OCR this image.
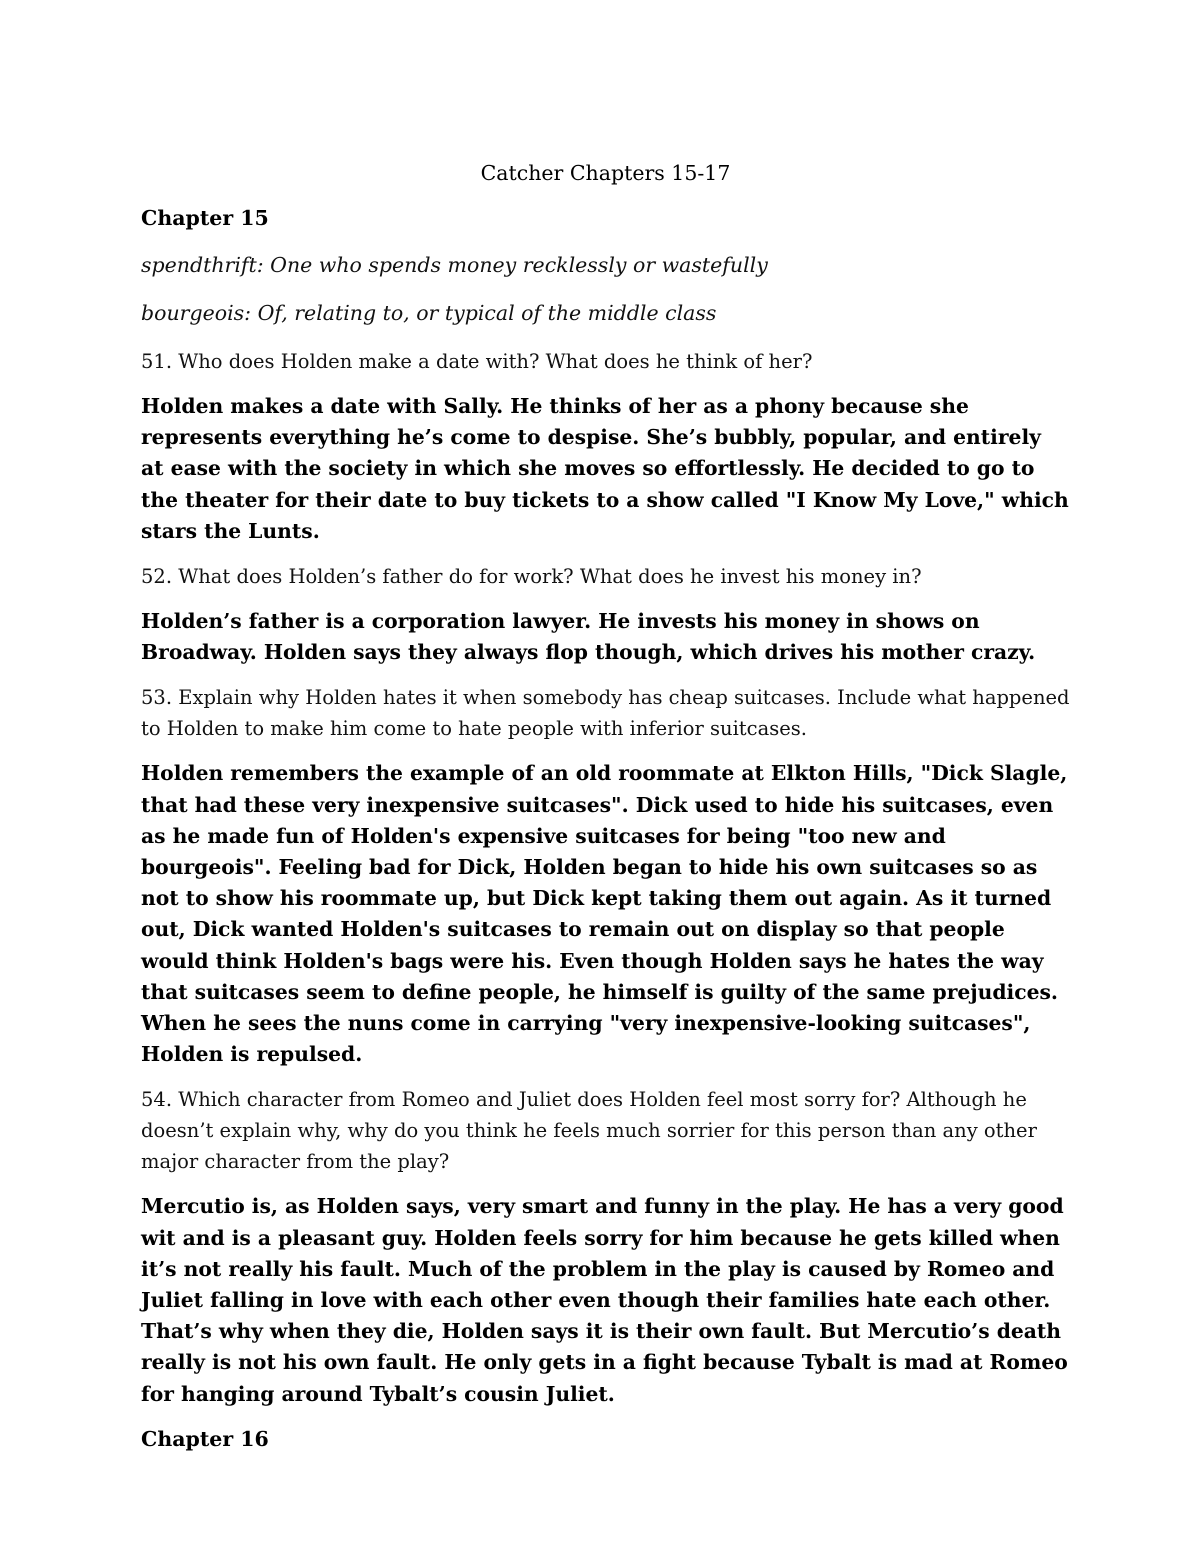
Catcher Chapters 15-17
Chapter 15
spendthrift: One who spends money recklessly or wastefully
bourgeois: Of, relating to, or typical of the middle class
51. Who does Holden make a date with? What does he think of her?
Holden makes a date with Sally. He thinks of her as a phony because she represents everything he’s come to despise. She’s bubbly, popular, and entirely at ease with the society in which she moves so effortlessly. He decided to go to the theater for their date to buy tickets to a show called "I Know My Love," which stars the Lunts.
52. What does Holden’s father do for work? What does he invest his money in?
Holden’s father is a corporation lawyer. He invests his money in shows on Broadway. Holden says they always flop though, which drives his mother crazy.
53. Explain why Holden hates it when somebody has cheap suitcases. Include what happened to Holden to make him come to hate people with inferior suitcases.
Holden remembers the example of an old roommate at Elkton Hills, "Dick Slagle, that had these very inexpensive suitcases". Dick used to hide his suitcases, even as he made fun of Holden's expensive suitcases for being "too new and bourgeois". Feeling bad for Dick, Holden began to hide his own suitcases so as not to show his roommate up, but Dick kept taking them out again. As it turned out, Dick wanted Holden's suitcases to remain out on display so that people would think Holden's bags were his. Even though Holden says he hates the way that suitcases seem to define people, he himself is guilty of the same prejudices. When he sees the nuns come in carrying "very inexpensive-looking suitcases", Holden is repulsed.
54. Which character from Romeo and Juliet does Holden feel most sorry for? Although he doesn’t explain why, why do you think he feels much sorrier for this person than any other major character from the play?
Mercutio is, as Holden says, very smart and funny in the play. He has a very good wit and is a pleasant guy. Holden feels sorry for him because he gets killed when it’s not really his fault. Much of the problem in the play is caused by Romeo and Juliet falling in love with each other even though their families hate each other. That’s why when they die, Holden says it is their own fault. But Mercutio’s death really is not his own fault. He only gets in a fight because Tybalt is mad at Romeo for hanging around Tybalt’s cousin Juliet.
Chapter 16
